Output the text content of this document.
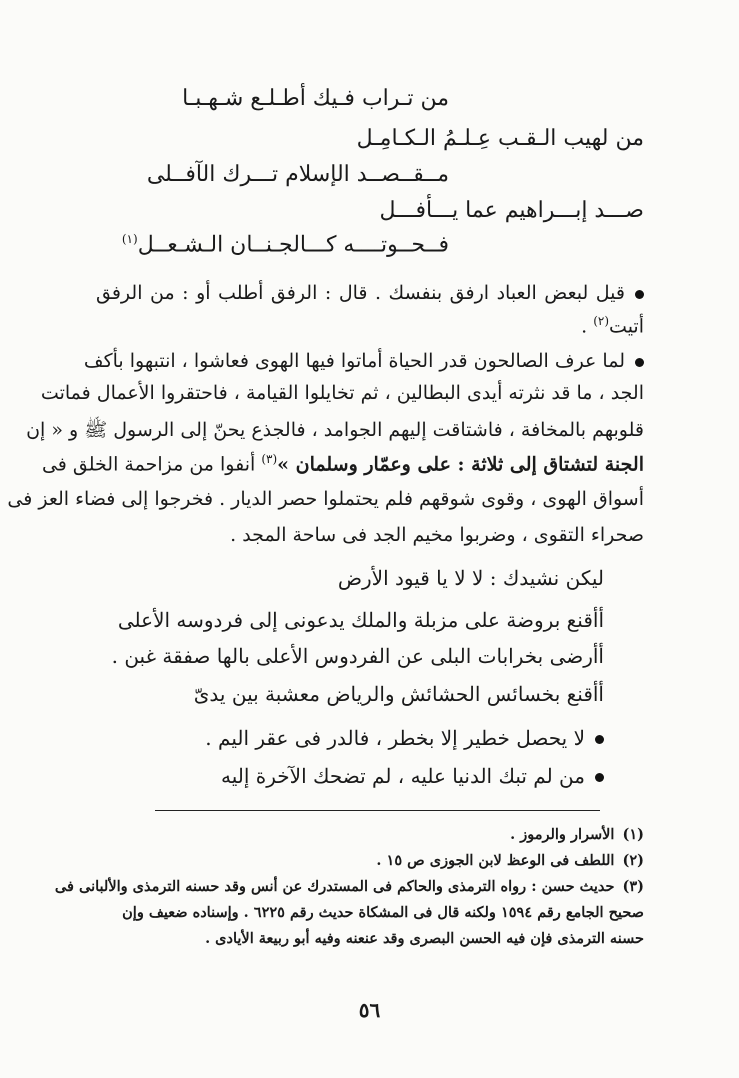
من تـراب فـيك أطـلـع شـهـبـا
من لهيب الـقـب عِـلـمُ الـكـامِـل
مــقــصــد الإسلام تـــرك الآفــلى
صـــد إبـــراهيم عما يـــأفـــل
فــحــوتــــه كـــالجـنــان الـشـعــل$^{(١)}$
قيل لبعض العباد ارفق بنفسك . قال : الرفق أطلب أو : من الرفق
أتيت$^{(٢)}$ .
لما عرف الصالحون قدر الحياة أماتوا فيها الهوى فعاشوا ، انتبهوا بأكف
الجد ، ما قد نثرته أيدى البطالين ، ثم تخايلوا القيامة ، فاحتقروا الأعمال فماتت
قلوبهم بالمخافة ، فاشتاقت إليهم الجوامد ، فالجذع يحنّ إلى الرسول ﷺ و « إن
الجنة لتشتاق إلى ثلاثة : على وعمّار وسلمان »$^{(٣)}$ أنفوا من مزاحمة الخلق فى
أسواق الهوى ، وقوى شوقهم فلم يحتملوا حصر الديار . فخرجوا إلى فضاء العز فى
صحراء التقوى ، وضربوا مخيم الجد فى ساحة المجد .
ليكن نشيدك : لا لا يا قيود الأرض
أأقنع بروضة على مزبلة والملك يدعونى إلى فردوسه الأعلى
أأرضى بخرابات البلى عن الفردوس الأعلى بالها صفقة غبن .
أأقنع بخسائس الحشائش والرياض معشبة بين يدىّ
لا يحصل خطير إلا بخطر ، فالدر فى عقر اليم .
من لم تبك الدنيا عليه ، لم تضحك الآخرة إليه
(١)الأسرار والرموز .
(٢)اللطف فى الوعظ لابن الجوزى ص ١٥ .
(٣)حديث حسن : رواه الترمذى والحاكم فى المستدرك عن أنس وقد حسنه الترمذى والألبانى فى
صحيح الجامع رقم ١٥٩٤ ولكنه قال فى المشكاة حديث رقم ٦٢٢٥ . وإسناده ضعيف وإن
حسنه الترمذى فإن فيه الحسن البصرى وقد عنعنه وفيه أبو ربيعة الأيادى .
٥٦
